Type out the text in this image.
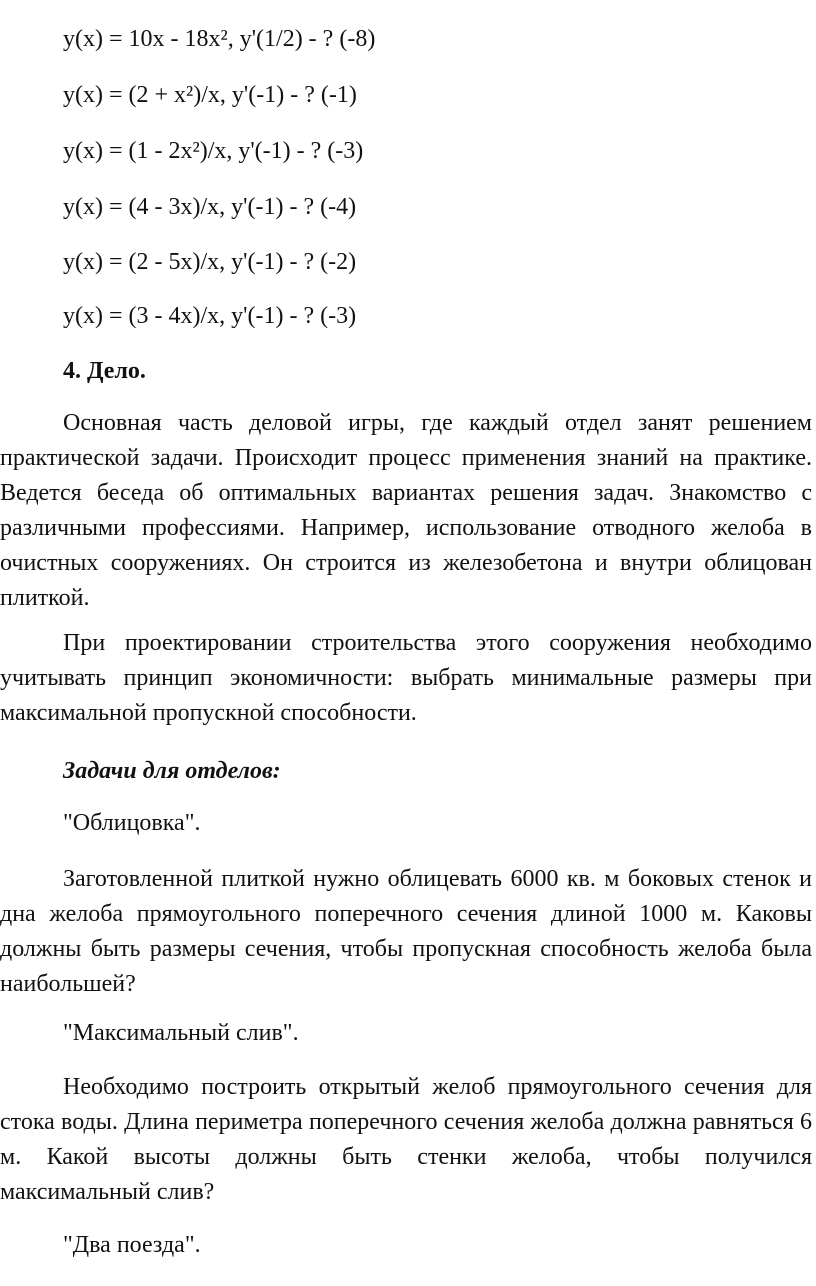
y(x) = 10x - 18x², y'(1/2) - ? (-8)
y(x) = (2 + x²)/x, y'(-1) - ? (-1)
y(x) = (1 - 2x²)/x, y'(-1) - ? (-3)
y(x) = (4 - 3x)/x, y'(-1) - ? (-4)
y(x) = (2 - 5x)/x, y'(-1) - ? (-2)
y(x) = (3 - 4x)/x, y'(-1) - ? (-3)
4. Дело.
Основная часть деловой игры, где каждый отдел занят решением практической задачи. Происходит процесс применения знаний на практике. Ведется беседа об оптимальных вариантах решения задач. Знакомство с различными профессиями. Например, использование отводного желоба в очистных сооружениях. Он строится из железобетона и внутри облицован плиткой.
При проектировании строительства этого сооружения необходимо учитывать принцип экономичности: выбрать минимальные размеры при максимальной пропускной способности.
Задачи для отделов:
"Облицовка".
Заготовленной плиткой нужно облицевать 6000 кв. м боковых стенок и дна желоба прямоугольного поперечного сечения длиной 1000 м. Каковы должны быть размеры сечения, чтобы пропускная способность желоба была наибольшей?
"Максимальный слив".
Необходимо построить открытый желоб прямоугольного сечения для стока воды. Длина периметра поперечного сечения желоба должна равняться 6 м. Какой высоты должны быть стенки желоба, чтобы получился максимальный слив?
"Два поезда".
